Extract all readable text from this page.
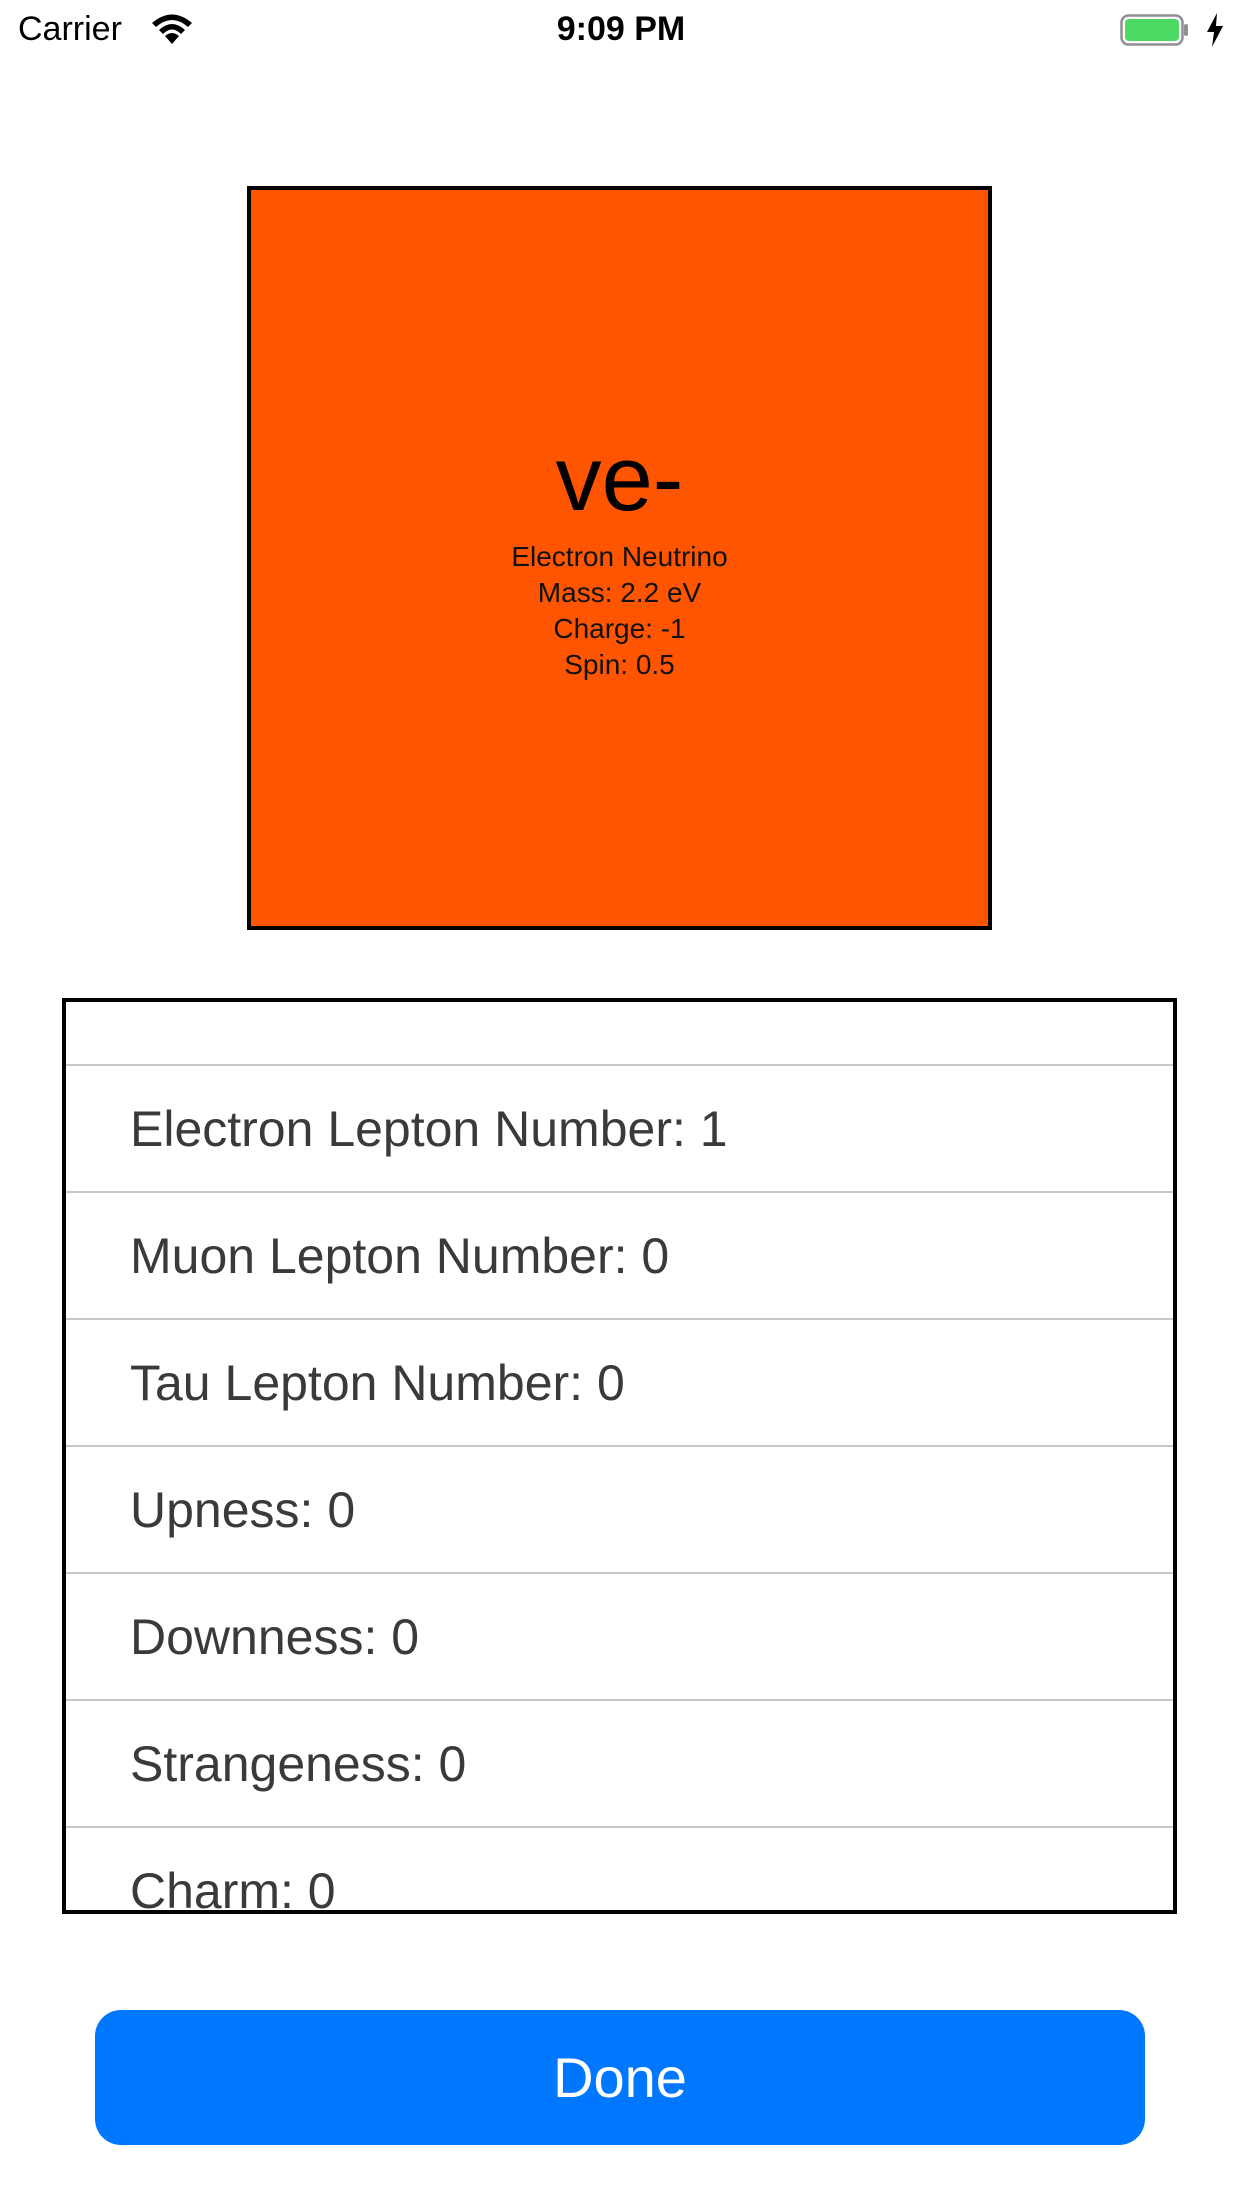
Carrier	9:09 PM
ve-
Electron Neutrino
Mass: 2.2 eV
Charge: -1
Spin: 0.5
Electron Lepton Number: 1
Muon Lepton Number: 0
Tau Lepton Number: 0
Upness: 0
Downness: 0
Strangeness: 0
Charm: 0
Done
